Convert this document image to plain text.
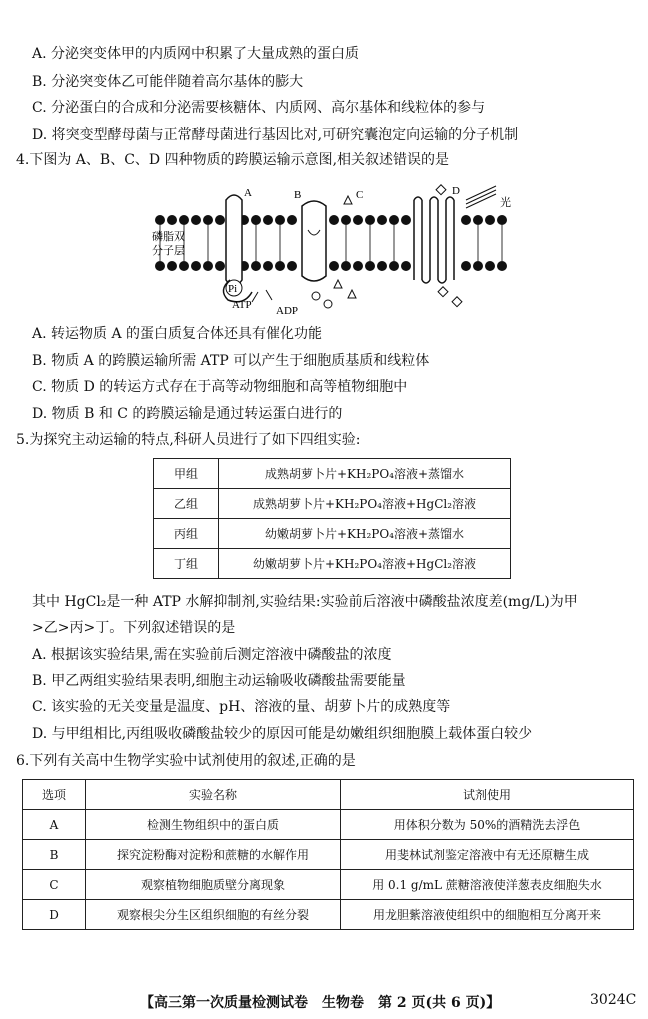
A. 分泌突变体甲的内质网中积累了大量成熟的蛋白质
B. 分泌突变体乙可能伴随着高尔基体的膨大
C. 分泌蛋白的合成和分泌需要核糖体、内质网、高尔基体和线粒体的参与
D. 将突变型酵母菌与正常酵母菌进行基因比对,可研究囊泡定向运输的分子机制
4.下图为 A、B、C、D 四种物质的跨膜运输示意图,相关叙述错误的是
A	B	C	D
光
磷脂双
分子层
Pi
ATP ADP
A. 转运物质 A 的蛋白质复合体还具有催化功能
B. 物质 A 的跨膜运输所需 ATP 可以产生于细胞质基质和线粒体
C. 物质 D 的转运方式存在于高等动物细胞和高等植物细胞中
D. 物质 B 和 C 的跨膜运输是通过转运蛋白进行的
5.为探究主动运输的特点,科研人员进行了如下四组实验:
甲组	成熟胡萝卜片+KH₂PO₄溶液+蒸馏水
乙组	成熟胡萝卜片+KH₂PO₄溶液+HgCl₂溶液
丙组	幼嫩胡萝卜片+KH₂PO₄溶液+蒸馏水
丁组	幼嫩胡萝卜片+KH₂PO₄溶液+HgCl₂溶液
其中 HgCl₂是一种 ATP 水解抑制剂,实验结果:实验前后溶液中磷酸盐浓度差(mg/L)为甲
>乙>丙>丁。下列叙述错误的是
A. 根据该实验结果,需在实验前后测定溶液中磷酸盐的浓度
B. 甲乙两组实验结果表明,细胞主动运输吸收磷酸盐需要能量
C. 该实验的无关变量是温度、pH、溶液的量、胡萝卜片的成熟度等
D. 与甲组相比,丙组吸收磷酸盐较少的原因可能是幼嫩组织细胞膜上载体蛋白较少
6.下列有关高中生物学实验中试剂使用的叙述,正确的是
选项	实验名称	试剂使用
A	检测生物组织中的蛋白质	用体积分数为 50%的酒精洗去浮色
B	探究淀粉酶对淀粉和蔗糖的水解作用	用斐林试剂鉴定溶液中有无还原糖生成
C	观察植物细胞质壁分离现象	用 0.1 g/mL 蔗糖溶液使洋葱表皮细胞失水
D	观察根尖分生区组织细胞的有丝分裂	用龙胆紫溶液使组织中的细胞相互分离开来
【高三第一次质量检测试卷　生物卷　第 2 页(共 6 页)】	3024C
